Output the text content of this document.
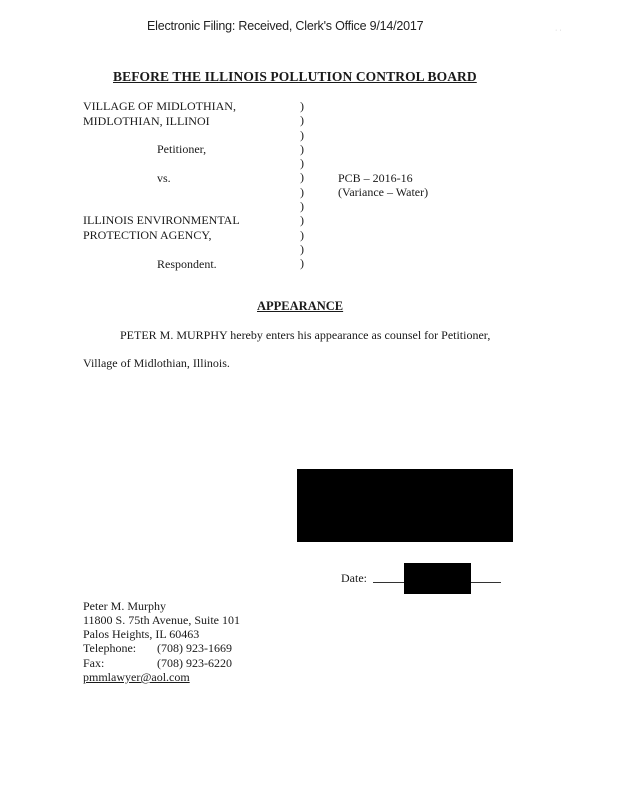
Electronic Filing: Received, Clerk's Office 9/14/2017	· ·
BEFORE THE ILLINOIS POLLUTION CONTROL BOARD
VILLAGE OF MIDLOTHIAN,
MIDLOTHIAN, ILLINOI
Petitioner,
vs.
ILLINOIS ENVIRONMENTAL
PROTECTION AGENCY,
Respondent.
)
)
)
)
)
)
)
)
)
)
)
)
PCB – 2016-16
(Variance – Water)
APPEARANCE
PETER M. MURPHY hereby enters his appearance as counsel for Petitioner,
Village of Midlothian, Illinois.
Date:
Peter M. Murphy
11800 S. 75th Avenue, Suite 101
Palos Heights, IL 60463
Telephone: (708) 923-1669
Fax:	(708) 923-6220
pmmlawyer@aol.com
